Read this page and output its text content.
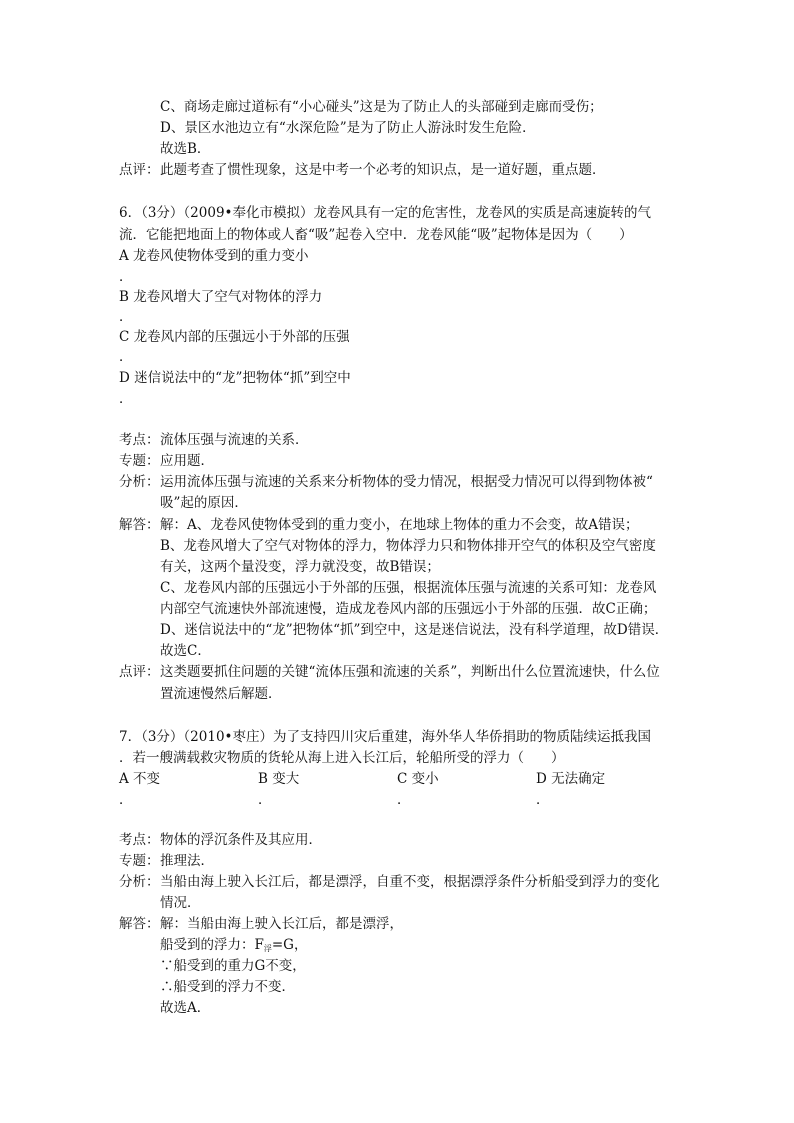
C、商场走廊过道标有“小心碰头”这是为了防止人的头部碰到走廊而受伤；
D、景区水池边立有“水深危险”是为了防止人游泳时发生危险．
故选B．
点评： 此题考查了惯性现象，这是中考一个必考的知识点，是一道好题，重点题．
6．（3分）（2009•奉化市模拟）龙卷风具有一定的危害性，龙卷风的实质是高速旋转的气
流．它能把地面上的物体或人畜“吸”起卷入空中．龙卷风能“吸”起物体是因为（　　）
A 龙卷风使物体受到的重力变小
．
B 龙卷风增大了空气对物体的浮力
．
C 龙卷风内部的压强远小于外部的压强
．
D 迷信说法中的“龙”把物体“抓”到空中
．
考点： 流体压强与流速的关系．
专题： 应用题．
分析： 运用流体压强与流速的关系来分析物体的受力情况，根据受力情况可以得到物体被“
吸”起的原因．
解答： 解：A、龙卷风使物体受到的重力变小，在地球上物体的重力不会变，故A错误；
B、龙卷风增大了空气对物体的浮力，物体浮力只和物体排开空气的体积及空气密度
有关，这两个量没变，浮力就没变，故B错误；
C、龙卷风内部的压强远小于外部的压强，根据流体压强与流速的关系可知：龙卷风
内部空气流速快外部流速慢，造成龙卷风内部的压强远小于外部的压强．故C正确；
D、迷信说法中的“龙”把物体“抓”到空中，这是迷信说法，没有科学道理，故D错误．
故选C．
点评： 这类题要抓住问题的关键“流体压强和流速的关系”，判断出什么位置流速快，什么位
置流速慢然后解题．
7．（3分）（2010•枣庄）为了支持四川灾后重建，海外华人华侨捐助的物质陆续运抵我国
．若一艘满载救灾物质的货轮从海上进入长江后，轮船所受的浮力（　　）
A 不变
．
B 变大
．
C 变小
．
D 无法确定
．
考点： 物体的浮沉条件及其应用．
专题： 推理法．
分析： 当船由海上驶入长江后，都是漂浮，自重不变，根据漂浮条件分析船受到浮力的变化
情况．
解答： 解：当船由海上驶入长江后，都是漂浮，
船受到的浮力：$F_浮=G$，
∵船受到的重力G不变，
∴船受到的浮力不变．
故选A．
